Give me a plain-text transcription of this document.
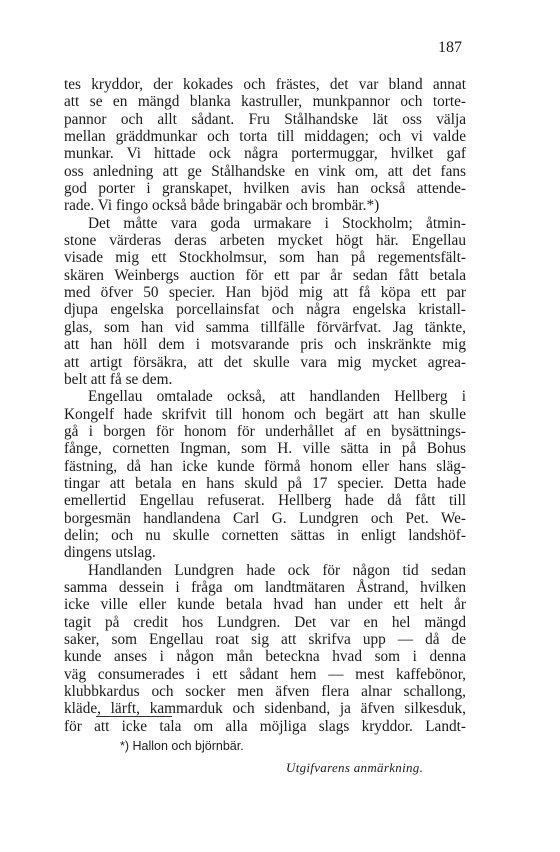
187
tes kryddor, der kokades och frästes, det var bland annat
att se en mängd blanka kastruller, munkpannor och torte-
pannor och allt sådant. Fru Stålhandske lät oss välja
mellan gräddmunkar och torta till middagen; och vi valde
munkar. Vi hittade ock några portermuggar, hvilket gaf
oss anledning att ge Stålhandske en vink om, att det fans
god porter i granskapet, hvilken avis han också attende-
rade. Vi fingo också både bringabär och brombär.*)
Det måtte vara goda urmakare i Stockholm; åtmin-
stone värderas deras arbeten mycket högt här. Engellau
visade mig ett Stockholmsur, som han på regementsfält-
skären Weinbergs auction för ett par år sedan fått betala
med öfver 50 specier. Han bjöd mig att få köpa ett par
djupa engelska porcellainsfat och några engelska kristall-
glas, som han vid samma tillfälle förvärfvat. Jag tänkte,
att han höll dem i motsvarande pris och inskränkte mig
att artigt försäkra, att det skulle vara mig mycket agrea-
belt att få se dem.
Engellau omtalade också, att handlanden Hellberg i
Kongelf hade skrifvit till honom och begärt att han skulle
gå i borgen för honom för underhållet af en bysättnings-
fånge, cornetten Ingman, som H. ville sätta in på Bohus
fästning, då han icke kunde förmå honom eller hans släg-
tingar att betala en hans skuld på 17 specier. Detta hade
emellertid Engellau refuserat. Hellberg hade då fått till
borgesmän handlandena Carl G. Lundgren och Pet. We-
delin; och nu skulle cornetten sättas in enligt landshöf-
dingens utslag.
Handlanden Lundgren hade ock för någon tid sedan
samma dessein i fråga om landtmätaren Åstrand, hvilken
icke ville eller kunde betala hvad han under ett helt år
tagit på credit hos Lundgren. Det var en hel mängd
saker, som Engellau roat sig att skrifva upp — då de
kunde anses i någon mån beteckna hvad som i denna
väg consumerades i ett sådant hem — mest kaffebönor,
klubbkardus och socker men äfven flera alnar schallong,
kläde, lärft, kammarduk och sidenband, ja äfven silkesduk,
för att icke tala om alla möjliga slags kryddor. Landt-
*) Hallon och björnbär.
Utgifvarens anmärkning.
